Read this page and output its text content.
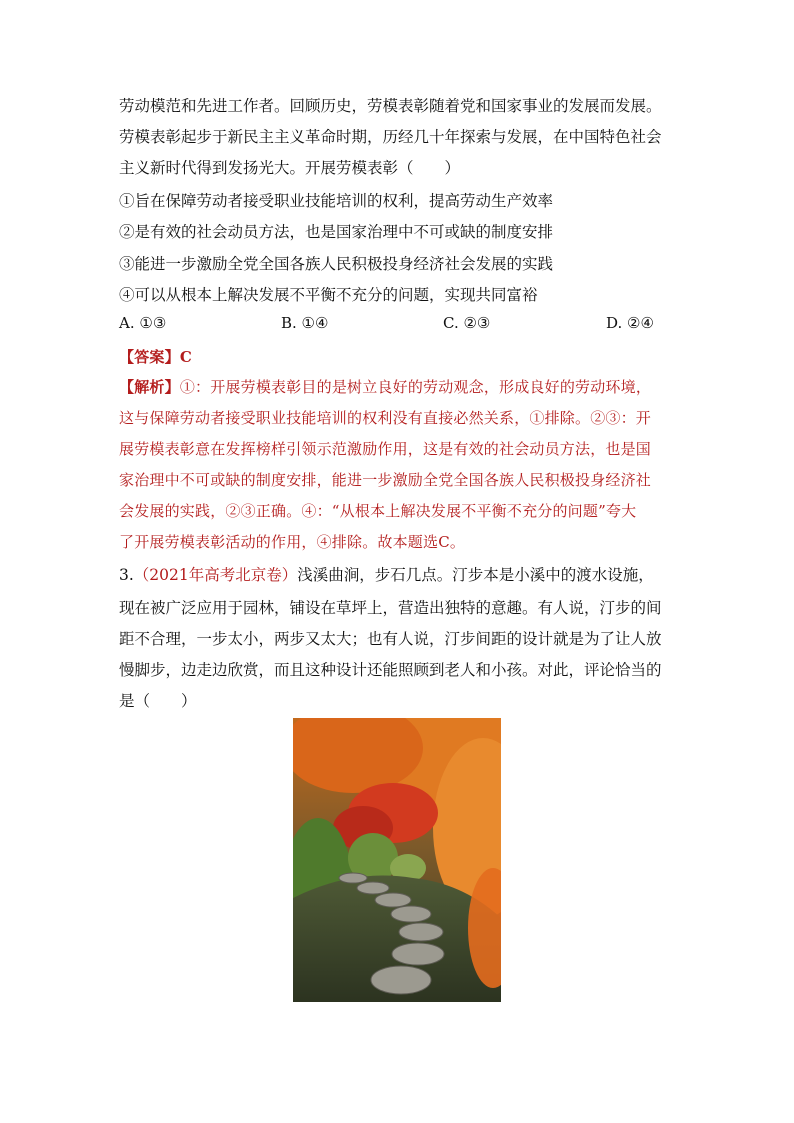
劳动模范和先进工作者。回顾历史，劳模表彰随着党和国家事业的发展而发展。
劳模表彰起步于新民主主义革命时期，历经几十年探索与发展，在中国特色社会
主义新时代得到发扬光大。开展劳模表彰（　　）
①旨在保障劳动者接受职业技能培训的权利，提高劳动生产效率
②是有效的社会动员方法，也是国家治理中不可或缺的制度安排
③能进一步激励全党全国各族人民积极投身经济社会发展的实践
④可以从根本上解决发展不平衡不充分的问题，实现共同富裕
A. ①③	B. ①④	C. ②③	D. ②④
【答案】C
【解析】①：开展劳模表彰目的是树立良好的劳动观念，形成良好的劳动环境，
这与保障劳动者接受职业技能培训的权利没有直接必然关系，①排除。②③：开
展劳模表彰意在发挥榜样引领示范激励作用，这是有效的社会动员方法，也是国
家治理中不可或缺的制度安排，能进一步激励全党全国各族人民积极投身经济社
会发展的实践，②③正确。④：“从根本上解决发展不平衡不充分的问题”夸大
了开展劳模表彰活动的作用，④排除。故本题选C。
3.（2021年高考北京卷）浅溪曲涧，步石几点。汀步本是小溪中的渡水设施，
现在被广泛应用于园林，铺设在草坪上，营造出独特的意趣。有人说，汀步的间
距不合理，一步太小，两步又太大；也有人说，汀步间距的设计就是为了让人放
慢脚步，边走边欣赏，而且这种设计还能照顾到老人和小孩。对此，评论恰当的
是（　　）
